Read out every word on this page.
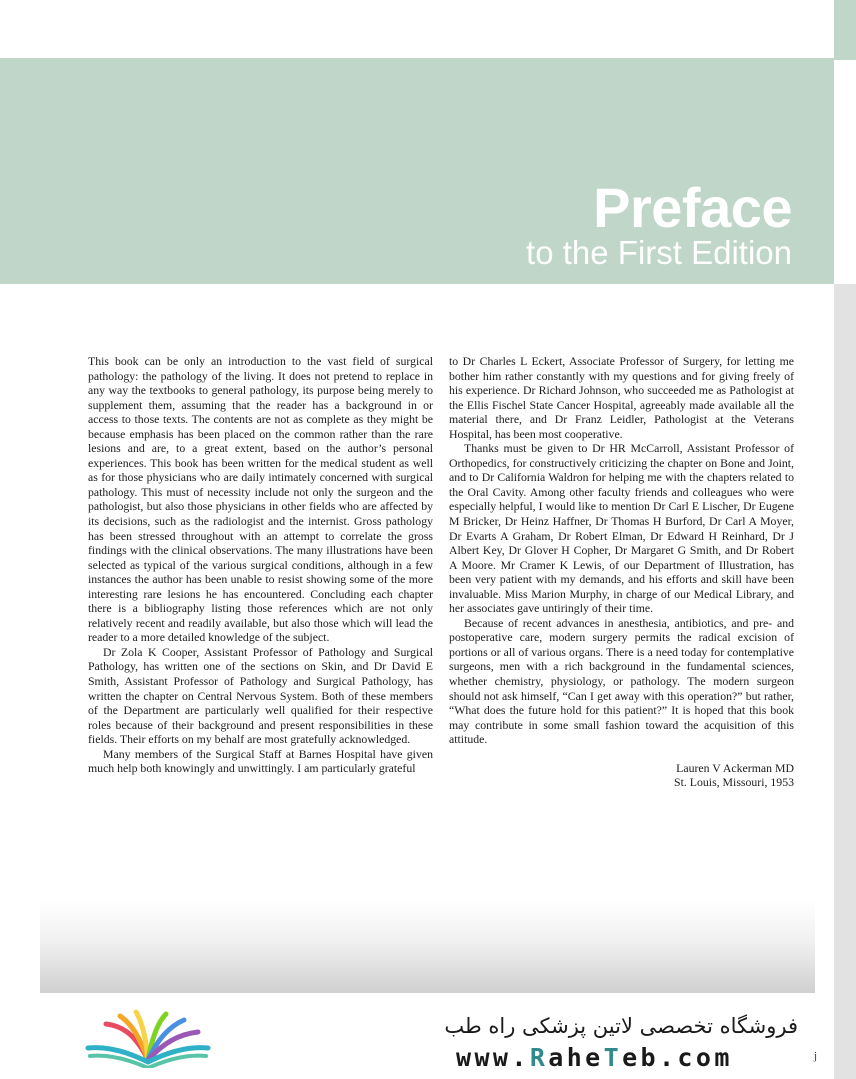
Preface
to the First Edition

This book can be only an introduction to the vast field of surgical pathology: the pathology of the living. It does not pretend to replace in any way the textbooks to general pathology, its purpose being merely to supplement them, assuming that the reader has a background in or access to those texts. The contents are not as complete as they might be because emphasis has been placed on the common rather than the rare lesions and are, to a great extent, based on the author’s personal experiences. This book has been written for the medical student as well as for those physicians who are daily intimately concerned with surgical pathology. This must of necessity include not only the surgeon and the pathologist, but also those physicians in other fields who are affected by its decisions, such as the radiologist and the internist. Gross pathology has been stressed throughout with an attempt to correlate the gross findings with the clinical observations. The many illustrations have been selected as typical of the various surgical conditions, although in a few instances the author has been unable to resist showing some of the more interesting rare lesions he has encountered. Concluding each chapter there is a bibliography listing those references which are not only relatively recent and readily available, but also those which will lead the reader to a more detailed knowledge of the subject.

Dr Zola K Cooper, Assistant Professor of Pathology and Surgical Pathology, has written one of the sections on Skin, and Dr David E Smith, Assistant Professor of Pathology and Surgical Pathology, has written the chapter on Central Nervous System. Both of these members of the Department are particularly well qualified for their respective roles because of their background and present responsibilities in these fields. Their efforts on my behalf are most gratefully acknowledged.

Many members of the Surgical Staff at Barnes Hospital have given much help both knowingly and unwittingly. I am particularly grateful

to Dr Charles L Eckert, Associate Professor of Surgery, for letting me bother him rather constantly with my questions and for giving freely of his experience. Dr Richard Johnson, who succeeded me as Pathologist at the Ellis Fischel State Cancer Hospital, agreeably made available all the material there, and Dr Franz Leidler, Pathologist at the Veterans Hospital, has been most cooperative.

Thanks must be given to Dr HR McCarroll, Assistant Professor of Orthopedics, for constructively criticizing the chapter on Bone and Joint, and to Dr California Waldron for helping me with the chapters related to the Oral Cavity. Among other faculty friends and colleagues who were especially helpful, I would like to mention Dr Carl E Lischer, Dr Eugene M Bricker, Dr Heinz Haffner, Dr Thomas H Burford, Dr Carl A Moyer, Dr Evarts A Graham, Dr Robert Elman, Dr Edward H Reinhard, Dr J Albert Key, Dr Glover H Copher, Dr Margaret G Smith, and Dr Robert A Moore. Mr Cramer K Lewis, of our Department of Illustration, has been very patient with my demands, and his efforts and skill have been invaluable. Miss Marion Murphy, in charge of our Medical Library, and her associates gave untiringly of their time.

Because of recent advances in anesthesia, antibiotics, and pre- and postoperative care, modern surgery permits the radical excision of portions or all of various organs. There is a need today for contemplative surgeons, men with a rich background in the fundamental sciences, whether chemistry, physiology, or pathology. The modern surgeon should not ask himself, “Can I get away with this operation?” but rather, “What does the future hold for this patient?” It is hoped that this book may contribute in some small fashion toward the acquisition of this attitude.

Lauren V Ackerman MD
St. Louis, Missouri, 1953
فروشگاه تخصصی لاتین پزشکی راه طب
www.RaheTeb.com	j
